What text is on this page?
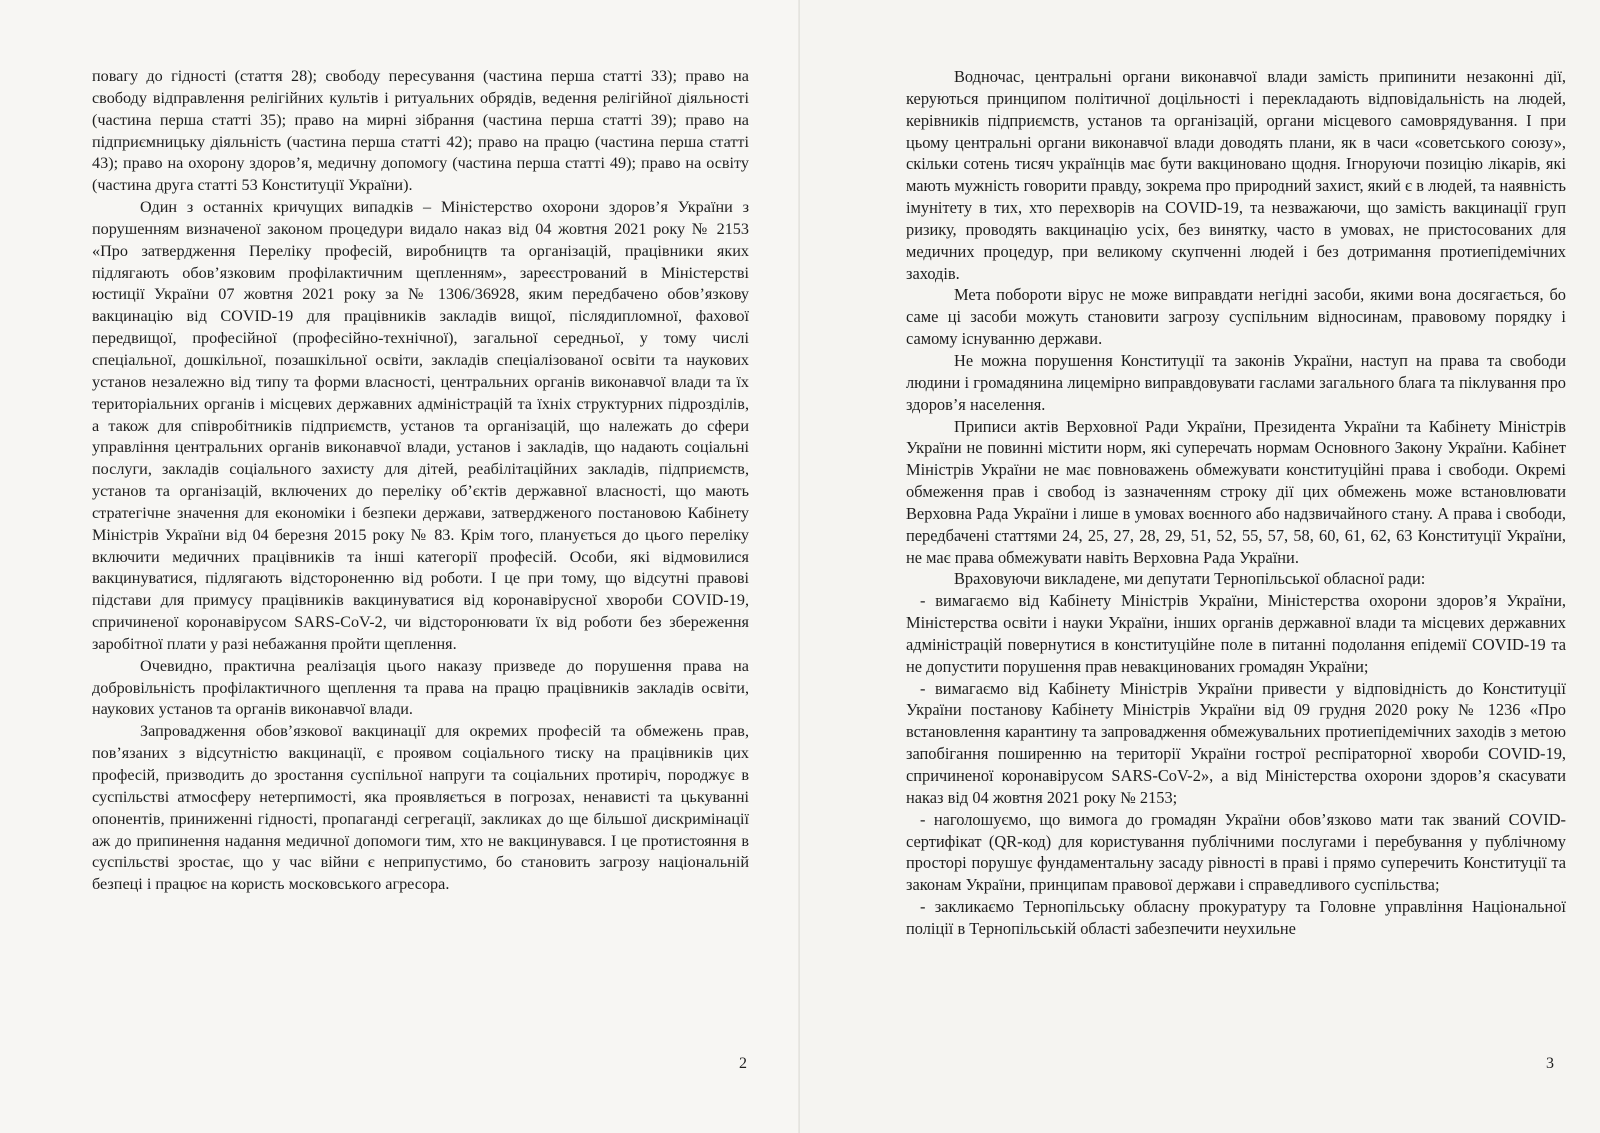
повагу до гідності (стаття 28); свободу пересування (частина перша статті 33); право на свободу відправлення релігійних культів і ритуальних обрядів, ведення релігійної діяльності (частина перша статті 35); право на мирні зібрання (частина перша статті 39); право на підприємницьку діяльність (частина перша статті 42); право на працю (частина перша статті 43); право на охорону здоров’я, медичну допомогу (частина перша статті 49); право на освіту (частина друга статті 53 Конституції України).

Один з останніх кричущих випадків – Міністерство охорони здоров’я України з порушенням визначеної законом процедури видало наказ від 04 жовтня 2021 року № 2153 «Про затвердження Переліку професій, виробництв та організацій, працівники яких підлягають обов’язковим профілактичним щепленням», зареєстрований в Міністерстві юстиції України 07 жовтня 2021 року за № 1306/36928, яким передбачено обов’язкову вакцинацію від COVID-19 для працівників закладів вищої, післядипломної, фахової передвищої, професійної (професійно-технічної), загальної середньої, у тому числі спеціальної, дошкільної, позашкільної освіти, закладів спеціалізованої освіти та наукових установ незалежно від типу та форми власності, центральних органів виконавчої влади та їх територіальних органів і місцевих державних адміністрацій та їхніх структурних підрозділів, а також для співробітників підприємств, установ та організацій, що належать до сфери управління центральних органів виконавчої влади, установ і закладів, що надають соціальні послуги, закладів соціального захисту для дітей, реабілітаційних закладів, підприємств, установ та організацій, включених до переліку об’єктів державної власності, що мають стратегічне значення для економіки і безпеки держави, затвердженого постановою Кабінету Міністрів України від 04 березня 2015 року № 83. Крім того, планується до цього переліку включити медичних працівників та інші категорії професій. Особи, які відмовилися вакцинуватися, підлягають відстороненню від роботи. І це при тому, що відсутні правові підстави для примусу працівників вакцинуватися від коронавірусної хвороби COVID-19, спричиненої коронавірусом SARS-CoV-2, чи відсторонювати їх від роботи без збереження заробітної плати у разі небажання пройти щеплення.

Очевидно, практична реалізація цього наказу призведе до порушення права на добровільність профілактичного щеплення та права на працю працівників закладів освіти, наукових установ та органів виконавчої влади.

Запровадження обов’язкової вакцинації для окремих професій та обмежень прав, пов’язаних з відсутністю вакцинації, є проявом соціального тиску на працівників цих професій, призводить до зростання суспільної напруги та соціальних протиріч, породжує в суспільстві атмосферу нетерпимості, яка проявляється в погрозах, ненависті та цькуванні опонентів, приниженні гідності, пропаганді сегрегації, закликах до ще більшої дискримінації аж до припинення надання медичної допомоги тим, хто не вакцинувався. І це протистояння в суспільстві зростає, що у час війни є неприпустимо, бо становить загрозу національній безпеці і працює на користь московського агресора.

2

Водночас, центральні органи виконавчої влади замість припинити незаконні дії, керуються принципом політичної доцільності і перекладають відповідальність на людей, керівників підприємств, установ та організацій, органи місцевого самоврядування. І при цьому центральні органи виконавчої влади доводять плани, як в часи «советського союзу», скільки сотень тисяч українців має бути вакциновано щодня. Ігноруючи позицію лікарів, які мають мужність говорити правду, зокрема про природний захист, який є в людей, та наявність імунітету в тих, хто перехворів на COVID-19, та незважаючи, що замість вакцинації груп ризику, проводять вакцинацію усіх, без винятку, часто в умовах, не пристосованих для медичних процедур, при великому скупченні людей і без дотримання протиепідемічних заходів.

Мета побороти вірус не може виправдати негідні засоби, якими вона досягається, бо саме ці засоби можуть становити загрозу суспільним відносинам, правовому порядку і самому існуванню держави.

Не можна порушення Конституції та законів України, наступ на права та свободи людини і громадянина лицемірно виправдовувати гаслами загального блага та піклування про здоров’я населення.

Приписи актів Верховної Ради України, Президента України та Кабінету Міністрів України не повинні містити норм, які суперечать нормам Основного Закону України. Кабінет Міністрів України не має повноважень обмежувати конституційні права і свободи. Окремі обмеження прав і свобод із зазначенням строку дії цих обмежень може встановлювати Верховна Рада України і лише в умовах воєнного або надзвичайного стану. А права і свободи, передбачені статтями 24, 25, 27, 28, 29, 51, 52, 55, 57, 58, 60, 61, 62, 63 Конституції України, не має права обмежувати навіть Верховна Рада України.

Враховуючи викладене, ми депутати Тернопільської обласної ради:

- вимагаємо від Кабінету Міністрів України, Міністерства охорони здоров’я України, Міністерства освіти і науки України, інших органів державної влади та місцевих державних адміністрацій повернутися в конституційне поле в питанні подолання епідемії COVID-19 та не допустити порушення прав невакцинованих громадян України;

- вимагаємо від Кабінету Міністрів України привести у відповідність до Конституції України постанову Кабінету Міністрів України від 09 грудня 2020 року № 1236 «Про встановлення карантину та запровадження обмежувальних протиепідемічних заходів з метою запобігання поширенню на території України гострої респіраторної хвороби COVID-19, спричиненої коронавірусом SARS-CoV-2», а від Міністерства охорони здоров’я скасувати наказ від 04 жовтня 2021 року № 2153;

- наголошуємо, що вимога до громадян України обов’язково мати так званий COVID-сертифікат (QR-код) для користування публічними послугами і перебування у публічному просторі порушує фундаментальну засаду рівності в праві і прямо суперечить Конституції та законам України, принципам правової держави і справедливого суспільства;

- закликаємо Тернопільську обласну прокуратуру та Головне управління Національної поліції в Тернопільській області забезпечити неухильне

3
